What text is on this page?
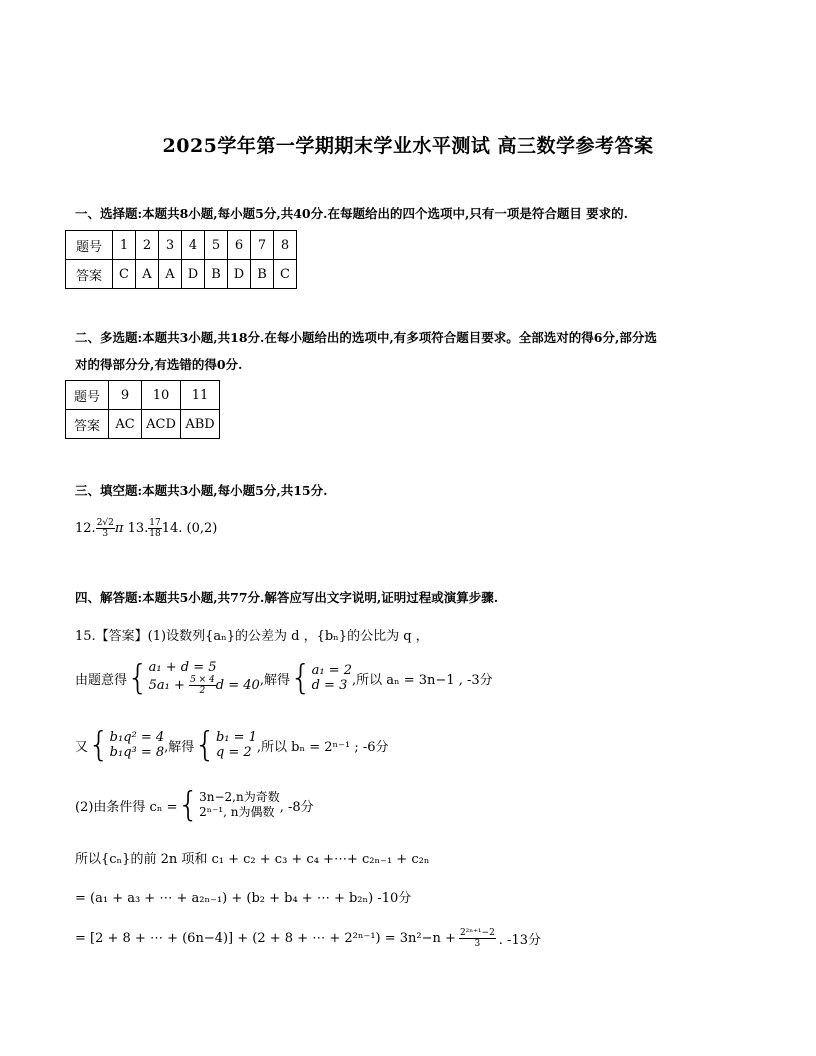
2025学年第一学期期末学业水平测试 高三数学参考答案
一、选择题:本题共8小题,每小题5分,共40分.在每题给出的四个选项中,只有一项是符合题目 要求的.
题号	1	2	3	4	5	6	7	8
答案	C	A	A	D	B	D	B	C
二、多选题:本题共3小题,共18分.在每小题给出的选项中,有多项符合题目要求。全部选对的得6分,部分选
对的得部分分,有选错的得0分.
题号	9	10	11
答案	AC	ACD	ABD
三、填空题:本题共3小题,每小题5分,共15分.
12. $\frac{2√2}{3}$ π 13. $\frac{17}{18} 14$. (0,2)
四、解答题:本题共5小题,共77分.解答应写出文字说明,证明过程或演算步骤.
15.【答案】(1)设数列{aₙ}的公差为 d ，{bₙ}的公比为 q ，
由题意得 { a₁ + d = 5
$5a_1 + \frac{5 \times 4}{2}$ d = 40 ,解得 { a₁ = 2
d = 3 ,所以 aₙ = 3n−1 , -3分
又 { b₁q² = 4
b₁q³ = 8 ,解得 { b₁ = 1
q = 2 ,所以 bₙ = 2ⁿ⁻¹ ; -6分
(2)由条件得 cₙ = { 3n−2,n为奇数
2ⁿ⁻¹, n为偶数 , -8分
所以{cₙ}的前 2n 项和 c₁ + c₂ + c₃ + c₄ +⋯+ c₂ₙ₋₁ + c₂ₙ
= (a₁ + a₃ + ⋯ + a₂ₙ₋₁) + (b₂ + b₄ + ⋯ + b₂ₙ) -10分
= [2 + 8 + ⋯ + (6n−4)] + (2 + 8 + ⋯ + $2^{2n-1}) = 3n^2-n + \frac{\text{2²ⁿ⁺¹−2}}{3}$ . -13分
